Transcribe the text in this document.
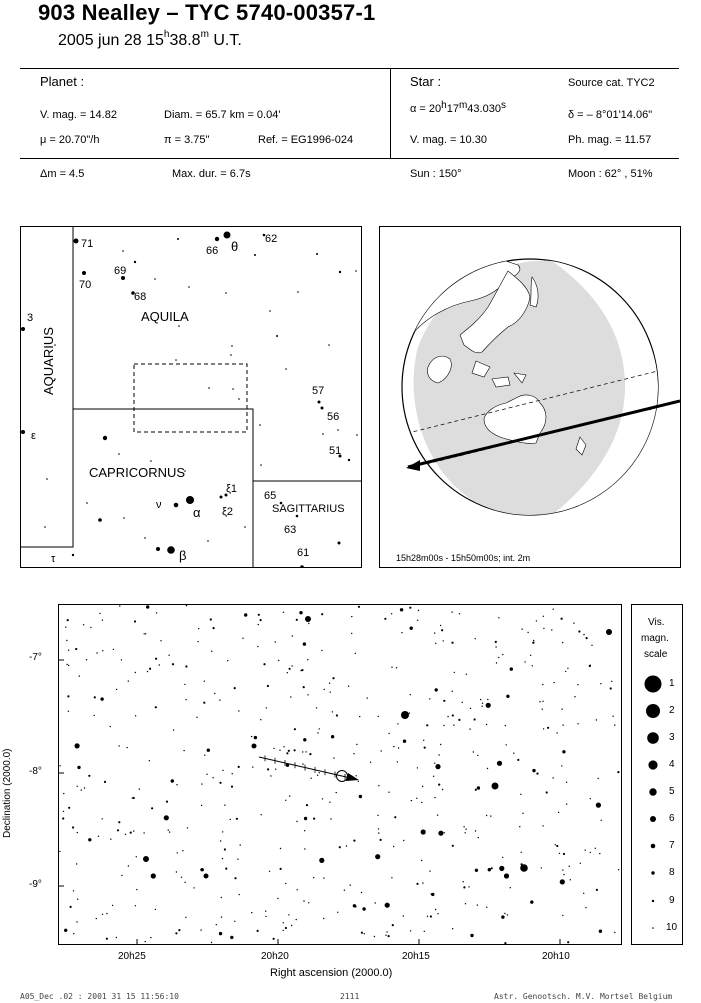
903 Nealley – TYC 5740-00357-1
2005 jun 28 15$^h$38.8$^m$ U.T.
Planet :
V. mag. = 14.82	Diam. = 65.7 km = 0.04'
μ = 20.70"/h	π = 3.75"	Ref. = EG1996-024
Δm = 4.5	Max. dur. = 6.7s
Star :	Source cat. TYC2
$\alpha = 20^h17^m43.030^s$
δ = – 8°01'14.06"
V. mag. = 10.30	Ph. mag. = 11.57
Sun : 150°	Moon : 62° , 51%
71
70
69
68
66 θ 62
3
ε
57
56
51
ν α
ξ1
ξ2
65
63
β	61
τ
AQUILA
AQUARIUS
CAPRICORNUS
SAGITTARIUS
15h28m00s - 15h50m00s; int. 2m
-7°
-8°
-9°
20h25	20h20	20h15	20h10
Right ascension (2000.0)
Declination (2000.0)
Vis.
magn.
scale
1
2
3
4
5
6
7
8
9
10
A05_Dec .02 : 2001 31 15 11:56:10	2111	Astr. Genootsch. M.V. Mortsel Belgium
